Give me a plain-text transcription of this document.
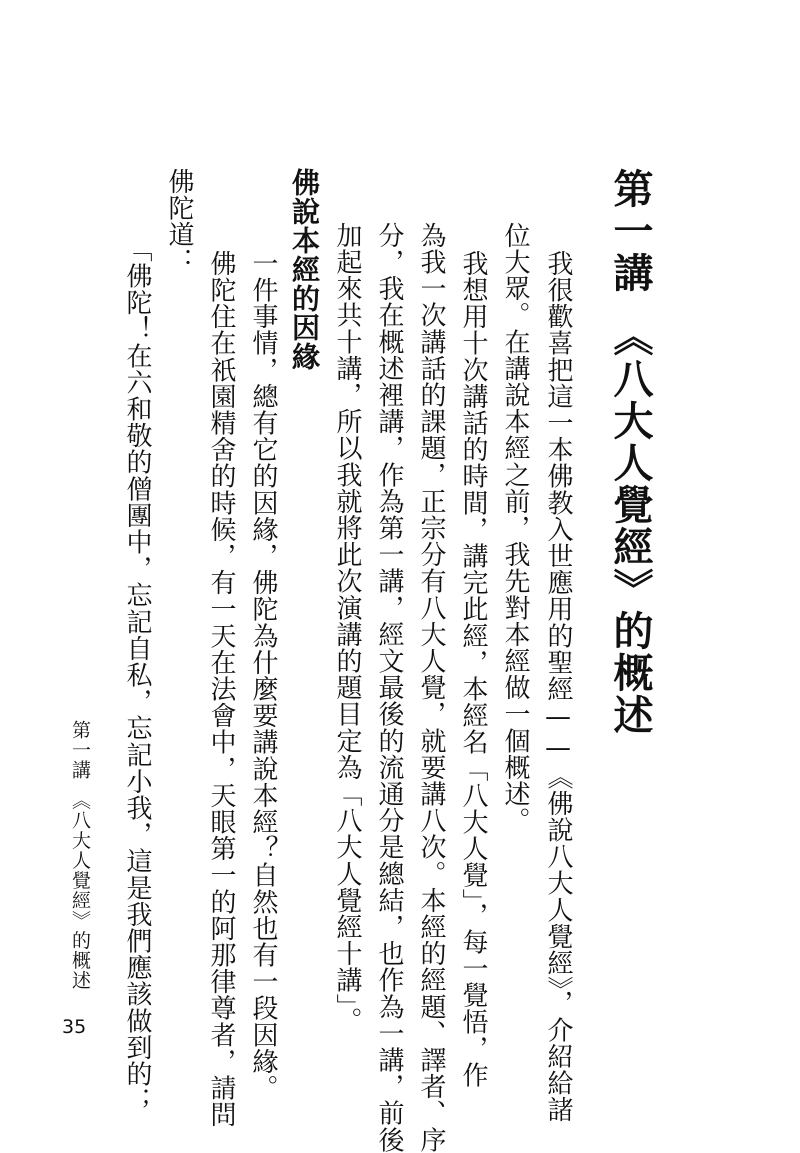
第一講　《八大人覺經》的概述
我很歡喜把這一本佛教入世應用的聖經——《佛說八大人覺經》，介紹給諸
位大眾。在講說本經之前，我先對本經做一個概述。
我想用十次講話的時間，講完此經，本經名「八大人覺」，每一覺悟，作
為我一次講話的課題，正宗分有八大人覺，就要講八次。本經的經題、譯者、序
分，我在概述裡講，作為第一講，經文最後的流通分是總結，也作為一講，前後
加起來共十講，所以我就將此次演講的題目定為「八大人覺經十講」。
佛說本經的因緣
一件事情，總有它的因緣，佛陀為什麼要講說本經？自然也有一段因緣。
佛陀住在祇園精舍的時候，有一天在法會中，天眼第一的阿那律尊者，請問
佛陀道：
「佛陀！在六和敬的僧團中，忘記自私，忘記小我，這是我們應該做到的；
第一講　《八大人覺經》的概述
35
